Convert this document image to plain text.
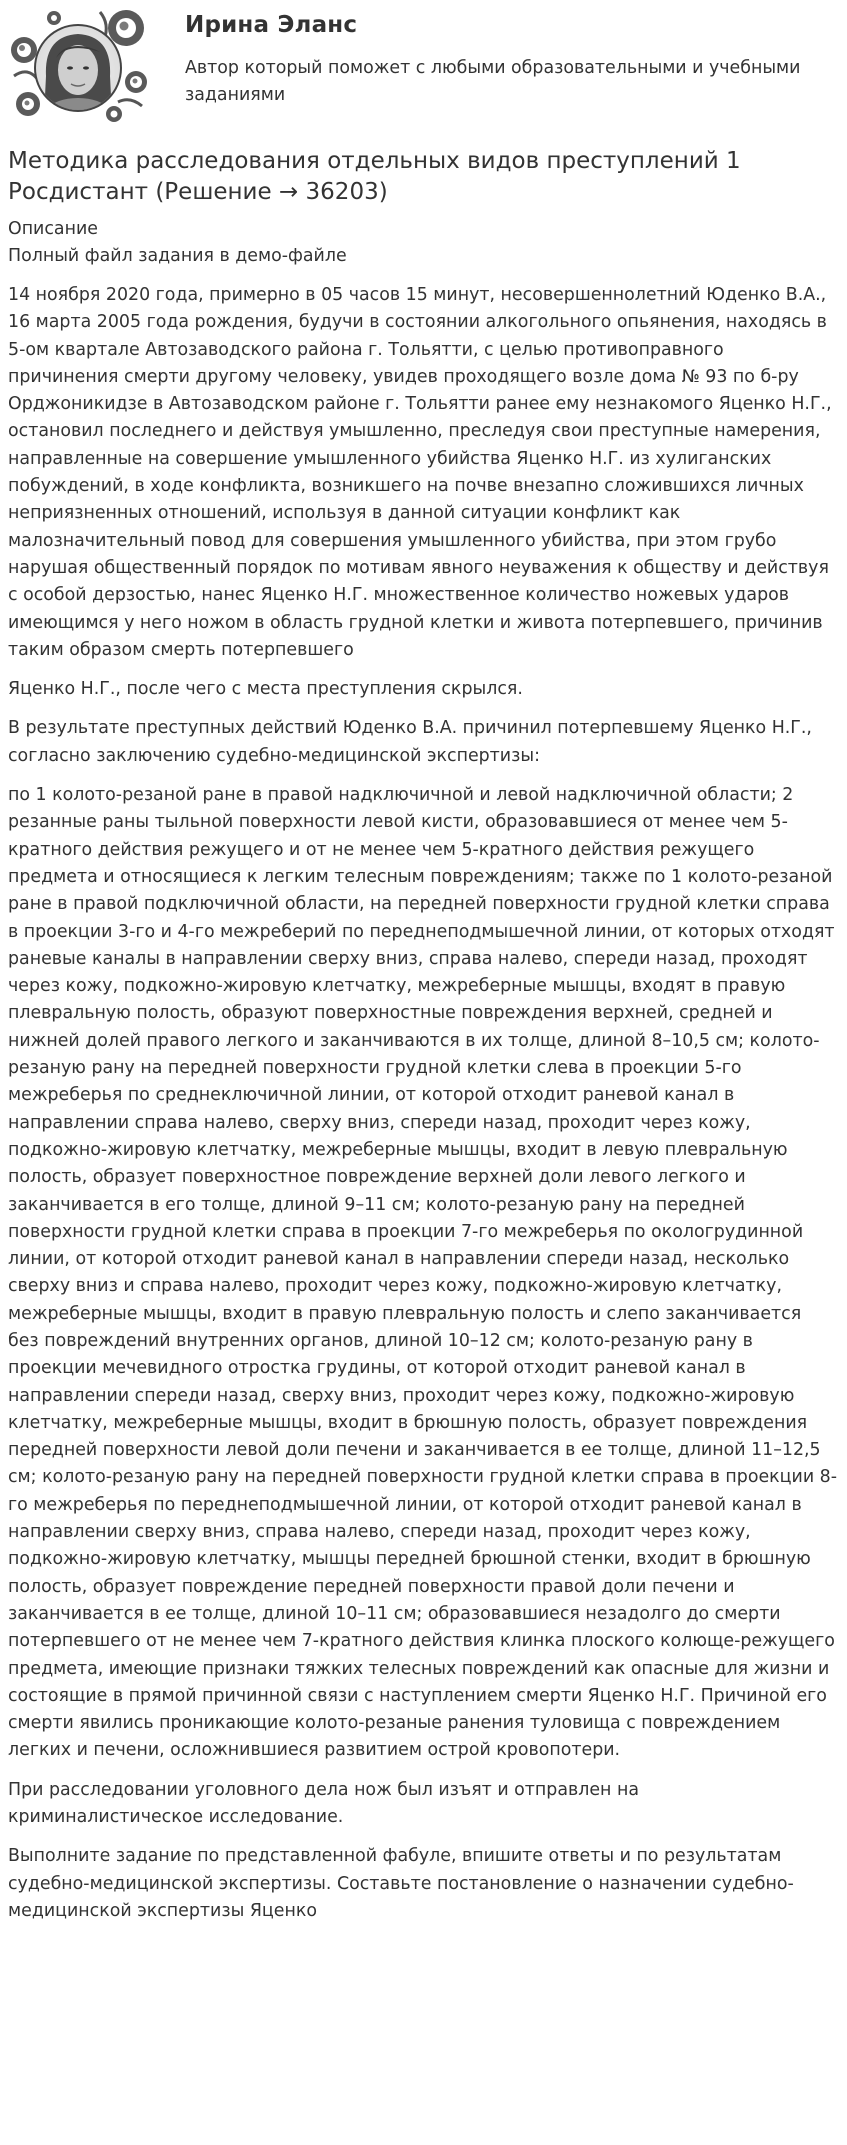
Ирина Эланс

Автор который поможет с любыми образовательными и учебными заданиями

Методика расследования отдельных видов преступлений 1 Росдистант (Решение → 36203)

Описание

Полный файл задания в демо-файле

14 ноября 2020 года, примерно в 05 часов 15 минут, несовершеннолетний Юденко В.А., 16 марта 2005 года рождения, будучи в состоянии алкогольного опьянения, находясь в 5-ом квартале Автозаводского района г. Тольятти, с целью противоправного причинения смерти другому человеку, увидев проходящего возле дома № 93 по б-ру Орджоникидзе в Автозаводском районе г. Тольятти ранее ему незнакомого Яценко Н.Г., остановил последнего и действуя умышленно, преследуя свои преступные намерения, направленные на совершение умышленного убийства Яценко Н.Г. из хулиганских побуждений, в ходе конфликта, возникшего на почве внезапно сложившихся личных неприязненных отношений, используя в данной ситуации конфликт как малозначительный повод для совершения умышленного убийства, при этом грубо нарушая общественный порядок по мотивам явного неуважения к обществу и действуя с особой дерзостью, нанес Яценко Н.Г. множественное количество ножевых ударов имеющимся у него ножом в область грудной клетки и живота потерпевшего, причинив таким образом смерть потерпевшего

Яценко Н.Г., после чего с места преступления скрылся.

В результате преступных действий Юденко В.А. причинил потерпевшему Яценко Н.Г., согласно заключению судебно-медицинской экспертизы:

по 1 колото-резаной ране в правой надключичной и левой надключичной области; 2 резанные раны тыльной поверхности левой кисти, образовавшиеся от менее чем 5-кратного действия режущего и от не менее чем 5-кратного действия режущего предмета и относящиеся к легким телесным повреждениям; также по 1 колото-резаной ране в правой подключичной области, на передней поверхности грудной клетки справа в проекции 3-го и 4-го межреберий по переднеподмышечной линии, от которых отходят раневые каналы в направлении сверху вниз, справа налево, спереди назад, проходят через кожу, подкожно-жировую клетчатку, межреберные мышцы, входят в правую плевральную полость, образуют поверхностные повреждения верхней, средней и нижней долей правого легкого и заканчиваются в их толще, длиной 8–10,5 см; колото-резаную рану на передней поверхности грудной клетки слева в проекции 5-го межреберья по среднеключичной линии, от которой отходит раневой канал в направлении справа налево, сверху вниз, спереди назад, проходит через кожу, подкожно-жировую клетчатку, межреберные мышцы, входит в левую плевральную полость, образует поверхностное повреждение верхней доли левого легкого и заканчивается в его толще, длиной 9–11 см; колото-резаную рану на передней поверхности грудной клетки справа в проекции 7-го межреберья по окологрудинной линии, от которой отходит раневой канал в направлении спереди назад, несколько сверху вниз и справа налево, проходит через кожу, подкожно-жировую клетчатку, межреберные мышцы, входит в правую плевральную полость и слепо заканчивается без повреждений внутренних органов, длиной 10–12 см; колото-резаную рану в проекции мечевидного отростка грудины, от которой отходит раневой канал в направлении спереди назад, сверху вниз, проходит через кожу, подкожно-жировую клетчатку, межреберные мышцы, входит в брюшную полость, образует повреждения передней поверхности левой доли печени и заканчивается в ее толще, длиной 11–12,5 см; колото-резаную рану на передней поверхности грудной клетки справа в проекции 8-го межреберья по переднеподмышечной линии, от которой отходит раневой канал в направлении сверху вниз, справа налево, спереди назад, проходит через кожу, подкожно-жировую клетчатку, мышцы передней брюшной стенки, входит в брюшную полость, образует повреждение передней поверхности правой доли печени и заканчивается в ее толще, длиной 10–11 см; образовавшиеся незадолго до смерти потерпевшего от не менее чем 7-кратного действия клинка плоского колюще-режущего предмета, имеющие признаки тяжких телесных повреждений как опасные для жизни и состоящие в прямой причинной связи с наступлением смерти Яценко Н.Г. Причиной его смерти явились проникающие колото-резаные ранения туловища с повреждением легких и печени, осложнившиеся развитием острой кровопотери.

При расследовании уголовного дела нож был изъят и отправлен на криминалистическое исследование.

Выполните задание по представленной фабуле, впишите ответы и по результатам судебно-медицинской экспертизы. Составьте постановление о назначении судебно-медицинской экспертизы Яценко
